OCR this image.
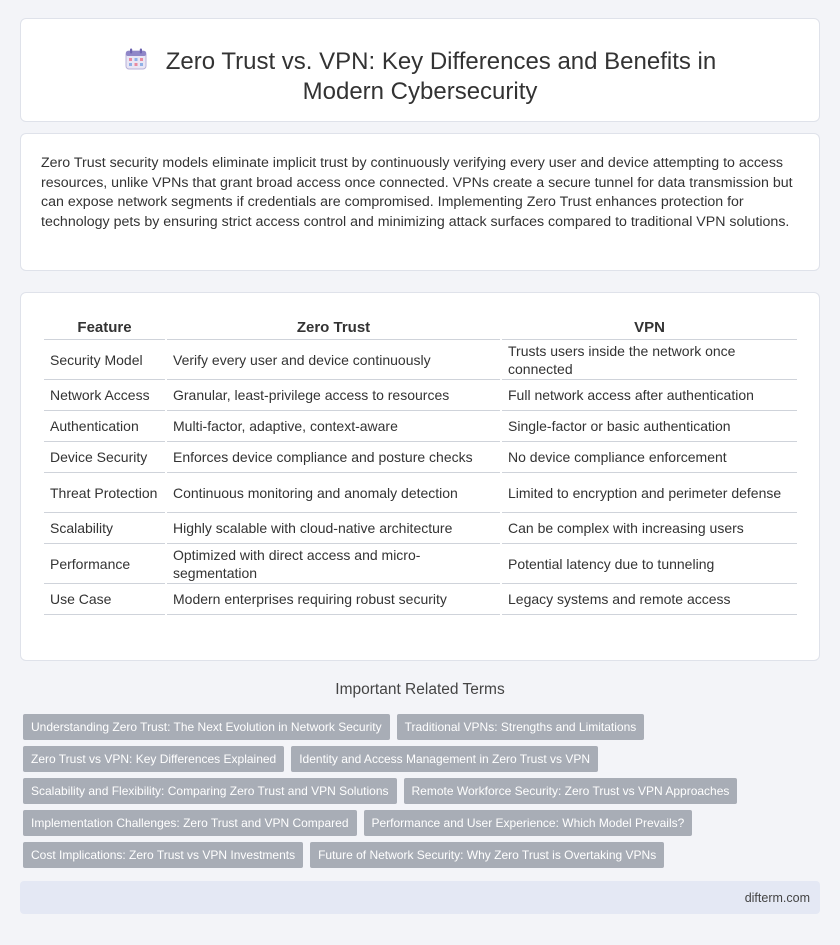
Zero Trust vs. VPN: Key Differences and Benefits in Modern Cybersecurity

Zero Trust security models eliminate implicit trust by continuously verifying every user and device attempting to access resources, unlike VPNs that grant broad access once connected. VPNs create a secure tunnel for data transmission but can expose network segments if credentials are compromised. Implementing Zero Trust enhances protection for technology pets by ensuring strict access control and minimizing attack surfaces compared to traditional VPN solutions.

Feature	Zero Trust	VPN
Security Model	Verify every user and device continuously	Trusts users inside the network once connected
Network Access	Granular, least-privilege access to resources	Full network access after authentication
Authentication	Multi-factor, adaptive, context-aware	Single-factor or basic authentication
Device Security	Enforces device compliance and posture checks	No device compliance enforcement
Threat Protection	Continuous monitoring and anomaly detection	Limited to encryption and perimeter defense
Scalability	Highly scalable with cloud-native architecture	Can be complex with increasing users
Performance	Optimized with direct access and micro-segmentation	Potential latency due to tunneling
Use Case	Modern enterprises requiring robust security	Legacy systems and remote access
Important Related Terms
Understanding Zero Trust: The Next Evolution in Network Security	Traditional VPNs: Strengths and Limitations
Zero Trust vs VPN: Key Differences Explained	Identity and Access Management in Zero Trust vs VPN
Scalability and Flexibility: Comparing Zero Trust and VPN Solutions	Remote Workforce Security: Zero Trust vs VPN Approaches
Implementation Challenges: Zero Trust and VPN Compared	Performance and User Experience: Which Model Prevails?
Cost Implications: Zero Trust vs VPN Investments	Future of Network Security: Why Zero Trust is Overtaking VPNs
difterm.com
